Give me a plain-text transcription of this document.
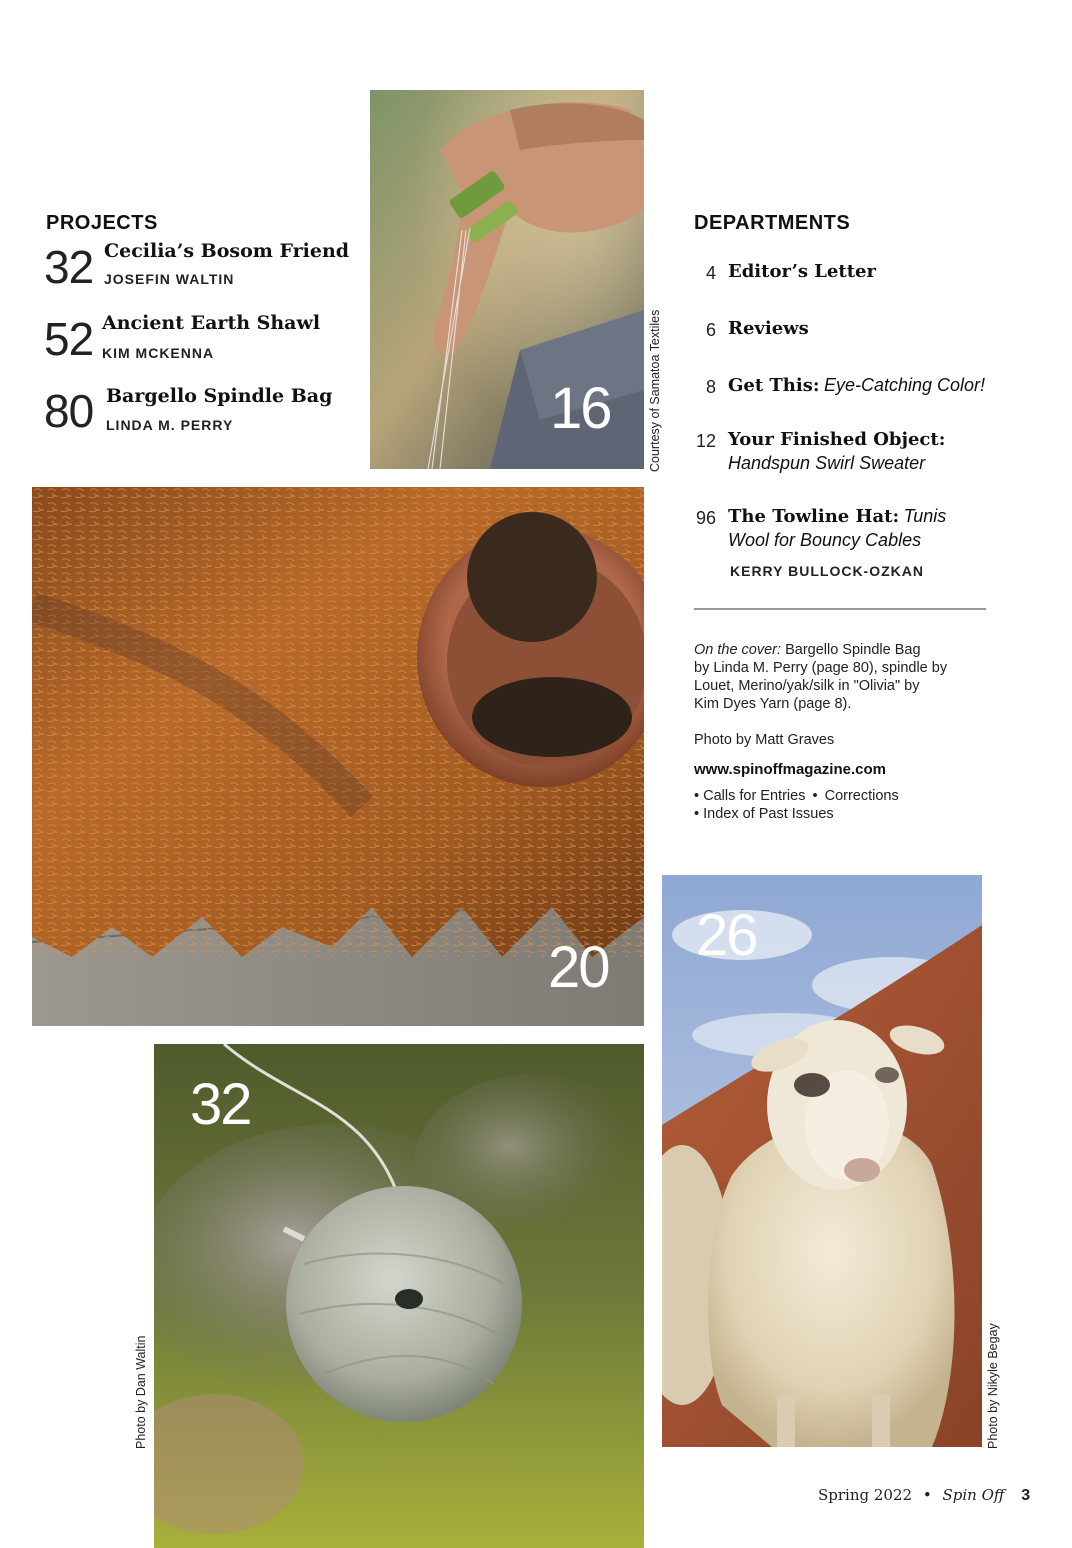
PROJECTS
32 Cecilia’s Bosom Friend
JOSEFIN WALTIN
52 Ancient Earth Shawl
KIM MCKENNA
80 Bargello Spindle Bag
LINDA M. PERRY	16	Courtesy of Samatoa Textiles
DEPARTMENTS
4 Editor’s Letter
6 Reviews
8 Get This: Eye-Catching Color!
12 Your Finished Object:
Handspun Swirl Sweater
96 The Towline Hat: Tunis
Wool for Bouncy Cables
KERRY BULLOCK-OZKAN
On the cover: Bargello Spindle Bag
by Linda M. Perry (page 80), spindle by
Louet, Merino/yak/silk in "Olivia" by
Kim Dyes Yarn (page 8).
Photo by Matt Graves
www.spinoffmagazine.com
• Calls for Entries • Corrections
• Index of Past Issues
20
32
Photo by Dan Waltin
26
Photo by Nikyle Begay
Spring 2022 • Spin Off 3
